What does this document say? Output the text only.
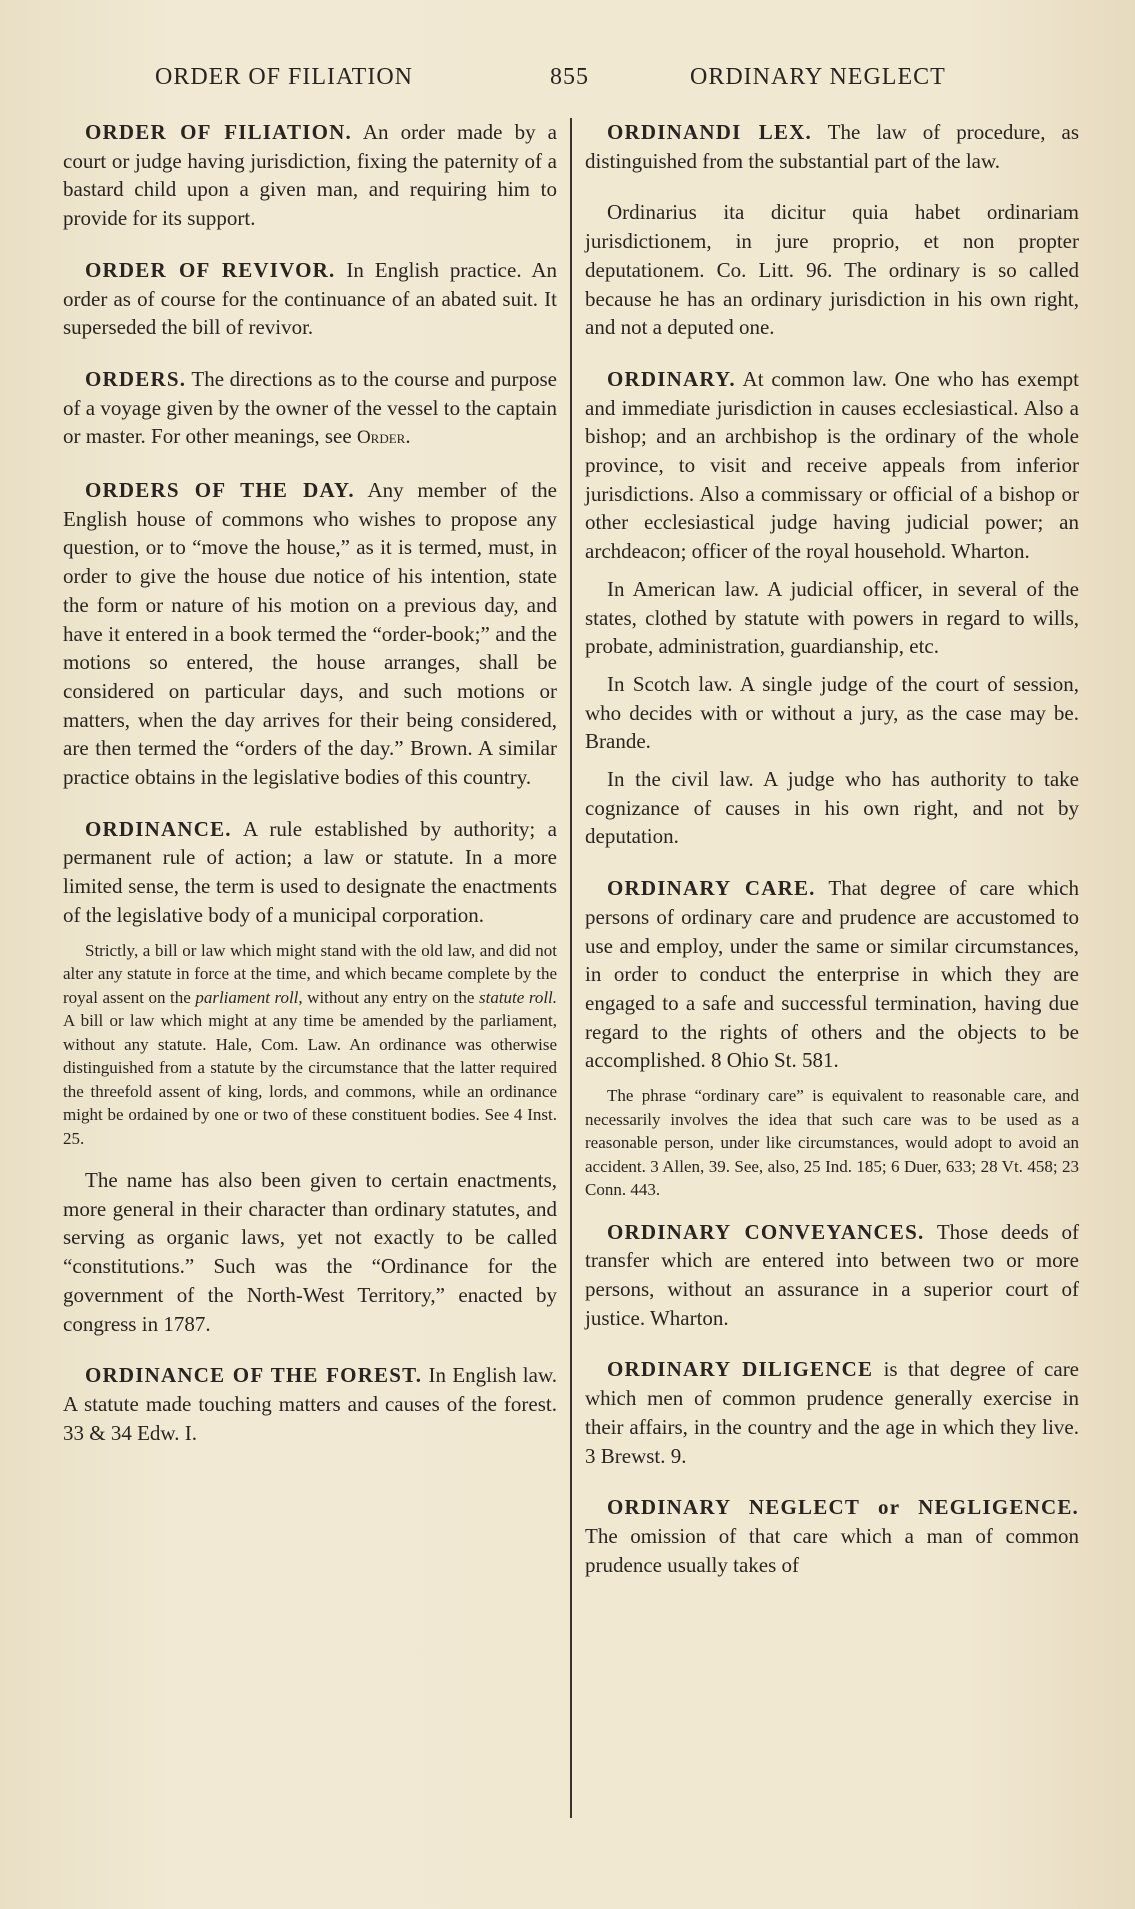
ORDER OF FILIATION	855	ORDINARY NEGLECT

ORDER OF FILIATION. An order made by a court or judge having jurisdiction, fixing the paternity of a bastard child upon a given man, and requiring him to provide for its support.

ORDER OF REVIVOR. In English practice. An order as of course for the continuance of an abated suit. It superseded the bill of revivor.

ORDERS. The directions as to the course and purpose of a voyage given by the owner of the vessel to the captain or master. For other meanings, see Order.

ORDERS OF THE DAY. Any member of the English house of commons who wishes to propose any question, or to “move the house,” as it is termed, must, in order to give the house due notice of his intention, state the form or nature of his motion on a previous day, and have it entered in a book termed the “order-book;” and the motions so entered, the house arranges, shall be considered on particular days, and such motions or matters, when the day arrives for their being considered, are then termed the “orders of the day.” Brown. A similar practice obtains in the legislative bodies of this country.

ORDINANCE. A rule established by authority; a permanent rule of action; a law or statute. In a more limited sense, the term is used to designate the enactments of the legislative body of a municipal corporation.

Strictly, a bill or law which might stand with the old law, and did not alter any statute in force at the time, and which became complete by the royal assent on the parliament roll, without any entry on the statute roll. A bill or law which might at any time be amended by the parliament, without any statute. Hale, Com. Law. An ordinance was otherwise distinguished from a statute by the circumstance that the latter required the threefold assent of king, lords, and commons, while an ordinance might be ordained by one or two of these constituent bodies. See 4 Inst. 25.

The name has also been given to certain enactments, more general in their character than ordinary statutes, and serving as organic laws, yet not exactly to be called “constitutions.” Such was the “Ordinance for the government of the North-West Territory,” enacted by congress in 1787.

ORDINANCE OF THE FOREST. In English law. A statute made touching matters and causes of the forest. 33 & 34 Edw. I.

ORDINANDI LEX. The law of procedure, as distinguished from the substantial part of the law.

Ordinarius ita dicitur quia habet ordinariam jurisdictionem, in jure proprio, et non propter deputationem. Co. Litt. 96. The ordinary is so called because he has an ordinary jurisdiction in his own right, and not a deputed one.

ORDINARY. At common law. One who has exempt and immediate jurisdiction in causes ecclesiastical. Also a bishop; and an archbishop is the ordinary of the whole province, to visit and receive appeals from inferior jurisdictions. Also a commissary or official of a bishop or other ecclesiastical judge having judicial power; an archdeacon; officer of the royal household. Wharton.

In American law. A judicial officer, in several of the states, clothed by statute with powers in regard to wills, probate, administration, guardianship, etc.

In Scotch law. A single judge of the court of session, who decides with or without a jury, as the case may be. Brande.

In the civil law. A judge who has authority to take cognizance of causes in his own right, and not by deputation.

ORDINARY CARE. That degree of care which persons of ordinary care and prudence are accustomed to use and employ, under the same or similar circumstances, in order to conduct the enterprise in which they are engaged to a safe and successful termination, having due regard to the rights of others and the objects to be accomplished. 8 Ohio St. 581.

The phrase “ordinary care” is equivalent to reasonable care, and necessarily involves the idea that such care was to be used as a reasonable person, under like circumstances, would adopt to avoid an accident. 3 Allen, 39. See, also, 25 Ind. 185; 6 Duer, 633; 28 Vt. 458; 23 Conn. 443.

ORDINARY CONVEYANCES. Those deeds of transfer which are entered into between two or more persons, without an assurance in a superior court of justice. Wharton.

ORDINARY DILIGENCE is that degree of care which men of common prudence generally exercise in their affairs, in the country and the age in which they live. 3 Brewst. 9.

ORDINARY NEGLECT or NEGLIGENCE. The omission of that care which a man of common prudence usually takes of
